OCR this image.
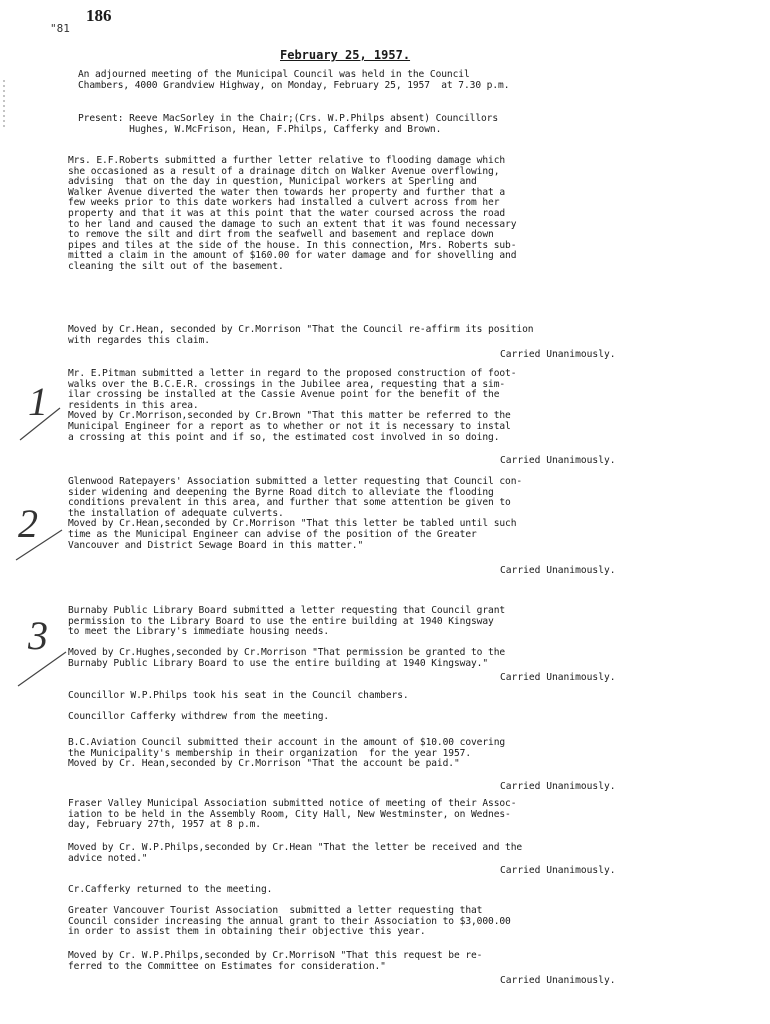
186
"81
February 25, 1957.
An adjourned meeting of the Municipal Council was held in the Council
Chambers, 4000 Grandview Highway, on Monday, February 25, 1957  at 7.30 p.m.
Present: Reeve MacSorley in the Chair;(Crs. W.P.Philps absent) Councillors
Hughes, W.McFrison, Hean, F.Philps, Cafferky and Brown.
Mrs. E.F.Roberts submitted a further letter relative to flooding damage which
she occasioned as a result of a drainage ditch on Walker Avenue overflowing,
advising  that on the day in question, Municipal workers at Sperling and
Walker Avenue diverted the water then towards her property and further that a
few weeks prior to this date workers had installed a culvert across from her
property and that it was at this point that the water coursed across the road
to her land and caused the damage to such an extent that it was found necessary
to remove the silt and dirt from the seafwell and basement and replace down
pipes and tiles at the side of the house. In this connection, Mrs. Roberts sub-
mitted a claim in the amount of $160.00 for water damage and for shovelling and
cleaning the silt out of the basement.
Moved by Cr.Hean, seconded by Cr.Morrison "That the Council re-affirm its position
with regardes this claim.
Carried Unanimously.
Mr. E.Pitman submitted a letter in regard to the proposed construction of foot-
walks over the B.C.E.R. crossings in the Jubilee area, requesting that a sim-
ilar crossing be installed at the Cassie Avenue point for the benefit of the
residents in this area.
Moved by Cr.Morrison,seconded by Cr.Brown "That this matter be referred to the
Municipal Engineer for a report as to whether or not it is necessary to instal
a crossing at this point and if so, the estimated cost involved in so doing.
Carried Unanimously.
Glenwood Ratepayers' Association submitted a letter requesting that Council con-
sider widening and deepening the Byrne Road ditch to alleviate the flooding
conditions prevalent in this area, and further that some attention be given to
the installation of adequate culverts.
Moved by Cr.Hean,seconded by Cr.Morrison "That this letter be tabled until such
time as the Municipal Engineer can advise of the position of the Greater
Vancouver and District Sewage Board in this matter."
Carried Unanimously.
Burnaby Public Library Board submitted a letter requesting that Council grant
permission to the Library Board to use the entire building at 1940 Kingsway
to meet the Library's immediate housing needs.
Moved by Cr.Hughes,seconded by Cr.Morrison "That permission be granted to the
Burnaby Public Library Board to use the entire building at 1940 Kingsway."
Carried Unanimously.
Councillor W.P.Philps took his seat in the Council chambers.
Councillor Cafferky withdrew from the meeting.
B.C.Aviation Council submitted their account in the amount of $10.00 covering
the Municipality's membership in their organization  for the year 1957.
Moved by Cr. Hean,seconded by Cr.Morrison "That the account be paid."
Carried Unanimously.
Fraser Valley Municipal Association submitted notice of meeting of their Assoc-
iation to be held in the Assembly Room, City Hall, New Westminster, on Wednes-
day, February 27th, 1957 at 8 p.m.
Moved by Cr. W.P.Philps,seconded by Cr.Hean "That the letter be received and the
advice noted."
Carried Unanimously.
Cr.Cafferky returned to the meeting.
Greater Vancouver Tourist Association  submitted a letter requesting that
Council consider increasing the annual grant to their Association to $3,000.00
in order to assist them in obtaining their objective this year.
Moved by Cr. W.P.Philps,seconded by Cr.MorrisoN "That this request be re-
ferred to the Committee on Estimates for consideration."
Carried Unanimously.
1
2
3
